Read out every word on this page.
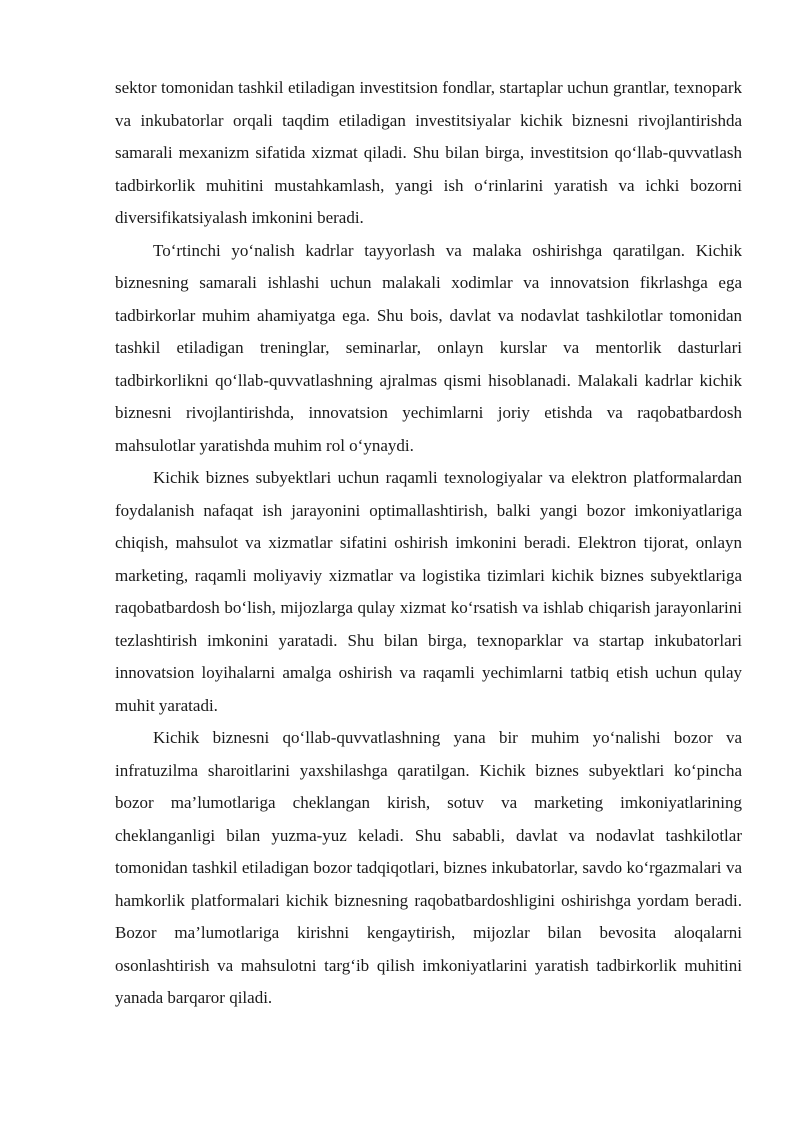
sektor tomonidan tashkil etiladigan investitsion fondlar, startaplar uchun grantlar, texnopark va inkubatorlar orqali taqdim etiladigan investitsiyalar kichik biznesni rivojlantirishda samarali mexanizm sifatida xizmat qiladi. Shu bilan birga, investitsion qo‘llab-quvvatlash tadbirkorlik muhitini mustahkamlash, yangi ish o‘rinlarini yaratish va ichki bozorni diversifikatsiyalash imkonini beradi.

To‘rtinchi yo‘nalish kadrlar tayyorlash va malaka oshirishga qaratilgan. Kichik biznesning samarali ishlashi uchun malakali xodimlar va innovatsion fikrlashga ega tadbirkorlar muhim ahamiyatga ega. Shu bois, davlat va nodavlat tashkilotlar tomonidan tashkil etiladigan treninglar, seminarlar, onlayn kurslar va mentorlik dasturlari tadbirkorlikni qo‘llab-quvvatlashning ajralmas qismi hisoblanadi. Malakali kadrlar kichik biznesni rivojlantirishda, innovatsion yechimlarni joriy etishda va raqobatbardosh mahsulotlar yaratishda muhim rol o‘ynaydi.

Kichik biznes subyektlari uchun raqamli texnologiyalar va elektron platformalardan foydalanish nafaqat ish jarayonini optimallashtirish, balki yangi bozor imkoniyatlariga chiqish, mahsulot va xizmatlar sifatini oshirish imkonini beradi. Elektron tijorat, onlayn marketing, raqamli moliyaviy xizmatlar va logistika tizimlari kichik biznes subyektlariga raqobatbardosh bo‘lish, mijozlarga qulay xizmat ko‘rsatish va ishlab chiqarish jarayonlarini tezlashtirish imkonini yaratadi. Shu bilan birga, texnoparklar va startap inkubatorlari innovatsion loyihalarni amalga oshirish va raqamli yechimlarni tatbiq etish uchun qulay muhit yaratadi.

Kichik biznesni qo‘llab-quvvatlashning yana bir muhim yo‘nalishi bozor va infratuzilma sharoitlarini yaxshilashga qaratilgan. Kichik biznes subyektlari ko‘pincha bozor ma’lumotlariga cheklangan kirish, sotuv va marketing imkoniyatlarining cheklanganligi bilan yuzma-yuz keladi. Shu sababli, davlat va nodavlat tashkilotlar tomonidan tashkil etiladigan bozor tadqiqotlari, biznes inkubatorlar, savdo ko‘rgazmalari va hamkorlik platformalari kichik biznesning raqobatbardoshligini oshirishga yordam beradi. Bozor ma’lumotlariga kirishni kengaytirish, mijozlar bilan bevosita aloqalarni osonlashtirish va mahsulotni targ‘ib qilish imkoniyatlarini yaratish tadbirkorlik muhitini yanada barqaror qiladi.
